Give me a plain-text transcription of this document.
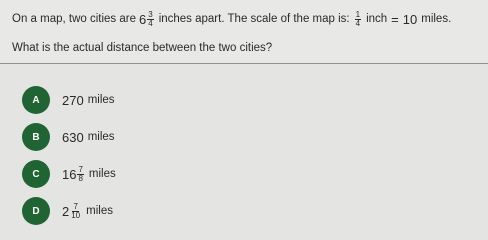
On a map, two cities are $6 \frac{3}{4}$ inches apart. The scale of the map is: $\frac{1}{4}$ inch = 10 miles.
What is the actual distance between the two cities?
A	270 miles
B	630 miles
C	$16 \frac{7}{8}$ miles
D	$2 \frac{7}{10}$ miles
